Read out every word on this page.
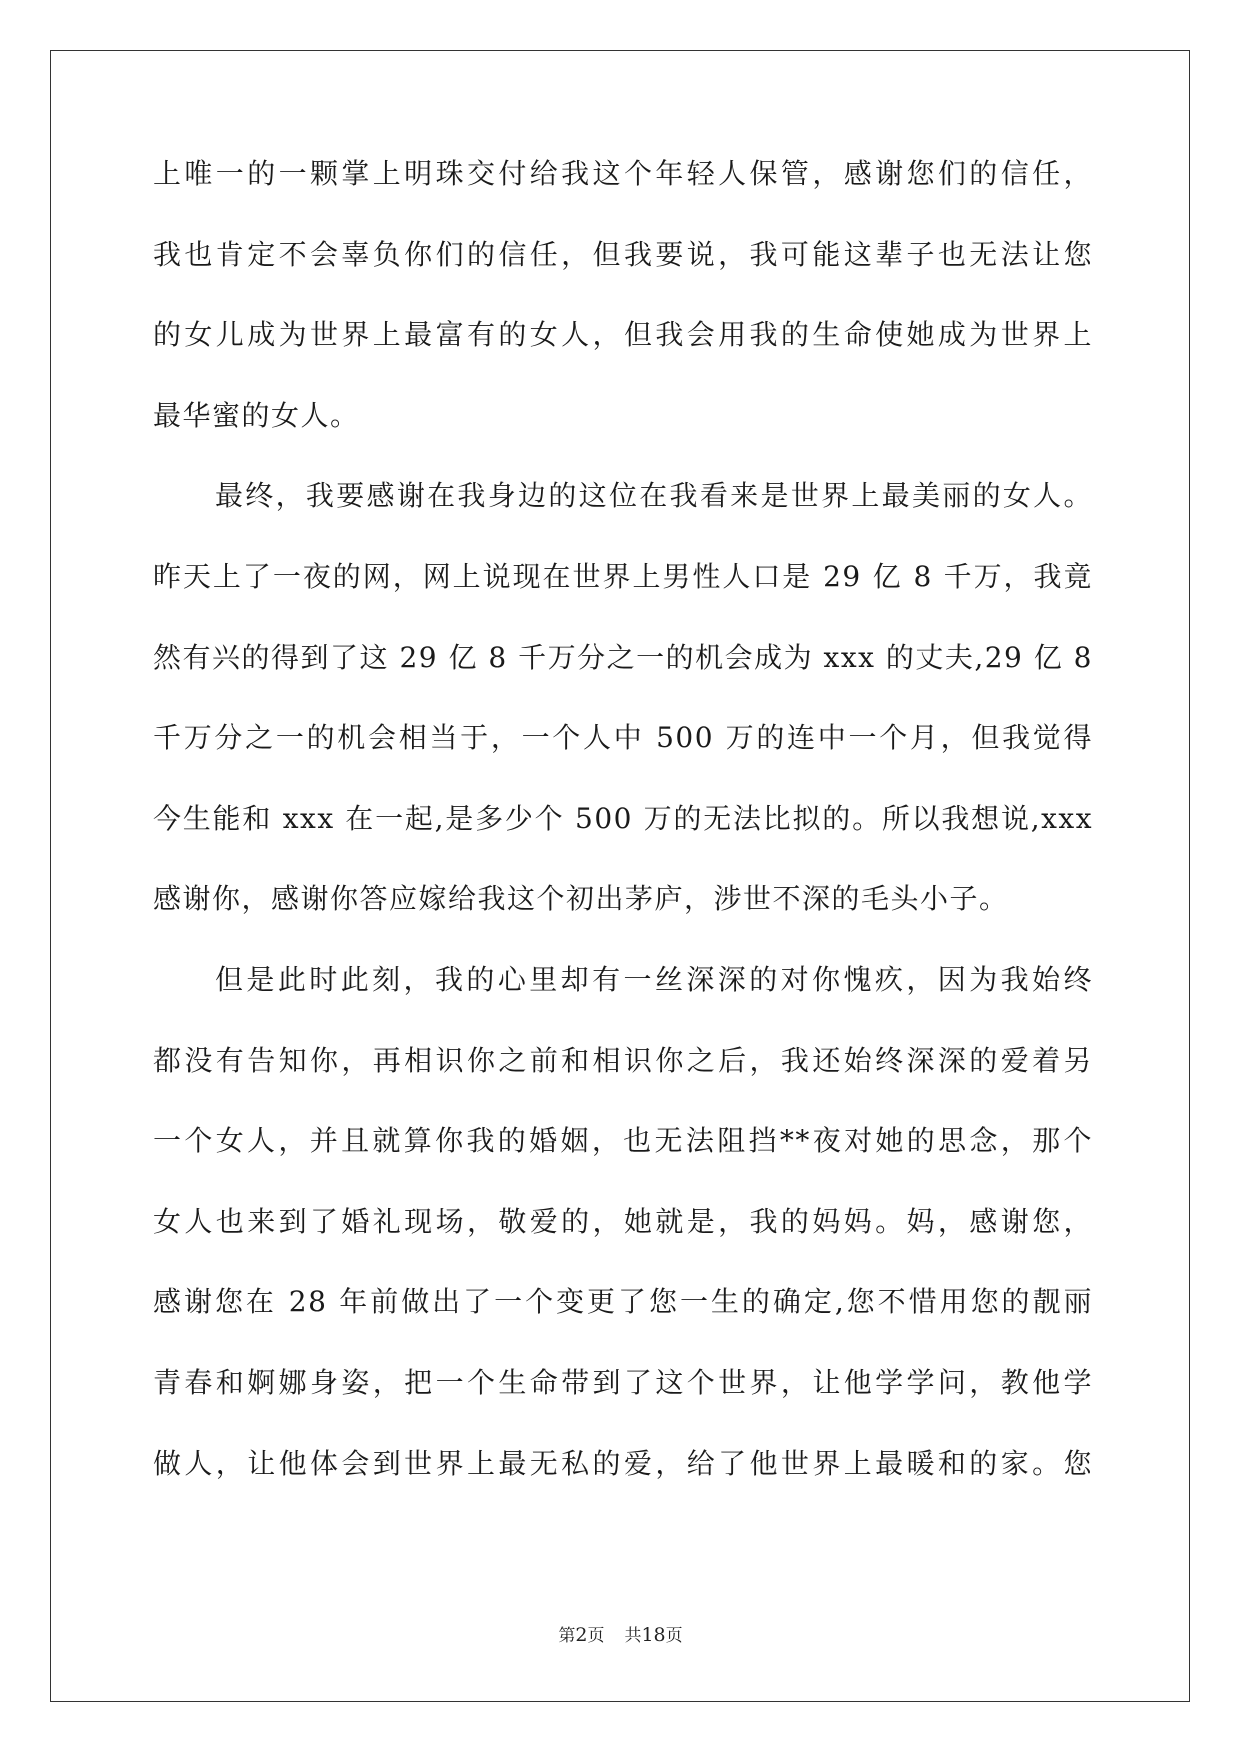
上唯一的一颗掌上明珠交付给我这个年轻人保管，感谢您们的信任，
我也肯定不会辜负你们的信任，但我要说，我可能这辈子也无法让您
的女儿成为世界上最富有的女人，但我会用我的生命使她成为世界上
最华蜜的女人。
最终，我要感谢在我身边的这位在我看来是世界上最美丽的女人。
昨天上了一夜的网，网上说现在世界上男性人口是 29 亿 8 千万，我竟
然有兴的得到了这 29 亿 8 千万分之一的机会成为 xxx 的丈夫,29 亿 8
千万分之一的机会相当于，一个人中 500 万的连中一个月，但我觉得
今生能和 xxx 在一起,是多少个 500 万的无法比拟的。所以我想说,xxx
感谢你，感谢你答应嫁给我这个初出茅庐，涉世不深的毛头小子。
但是此时此刻，我的心里却有一丝深深的对你愧疚，因为我始终
都没有告知你，再相识你之前和相识你之后，我还始终深深的爱着另
一个女人，并且就算你我的婚姻，也无法阻挡**夜对她的思念，那个
女人也来到了婚礼现场，敬爱的，她就是，我的妈妈。妈，感谢您，
感谢您在 28 年前做出了一个变更了您一生的确定,您不惜用您的靓丽
青春和婀娜身姿，把一个生命带到了这个世界，让他学学问，教他学
做人，让他体会到世界上最无私的爱，给了他世界上最暖和的家。您
第2页 共18页
